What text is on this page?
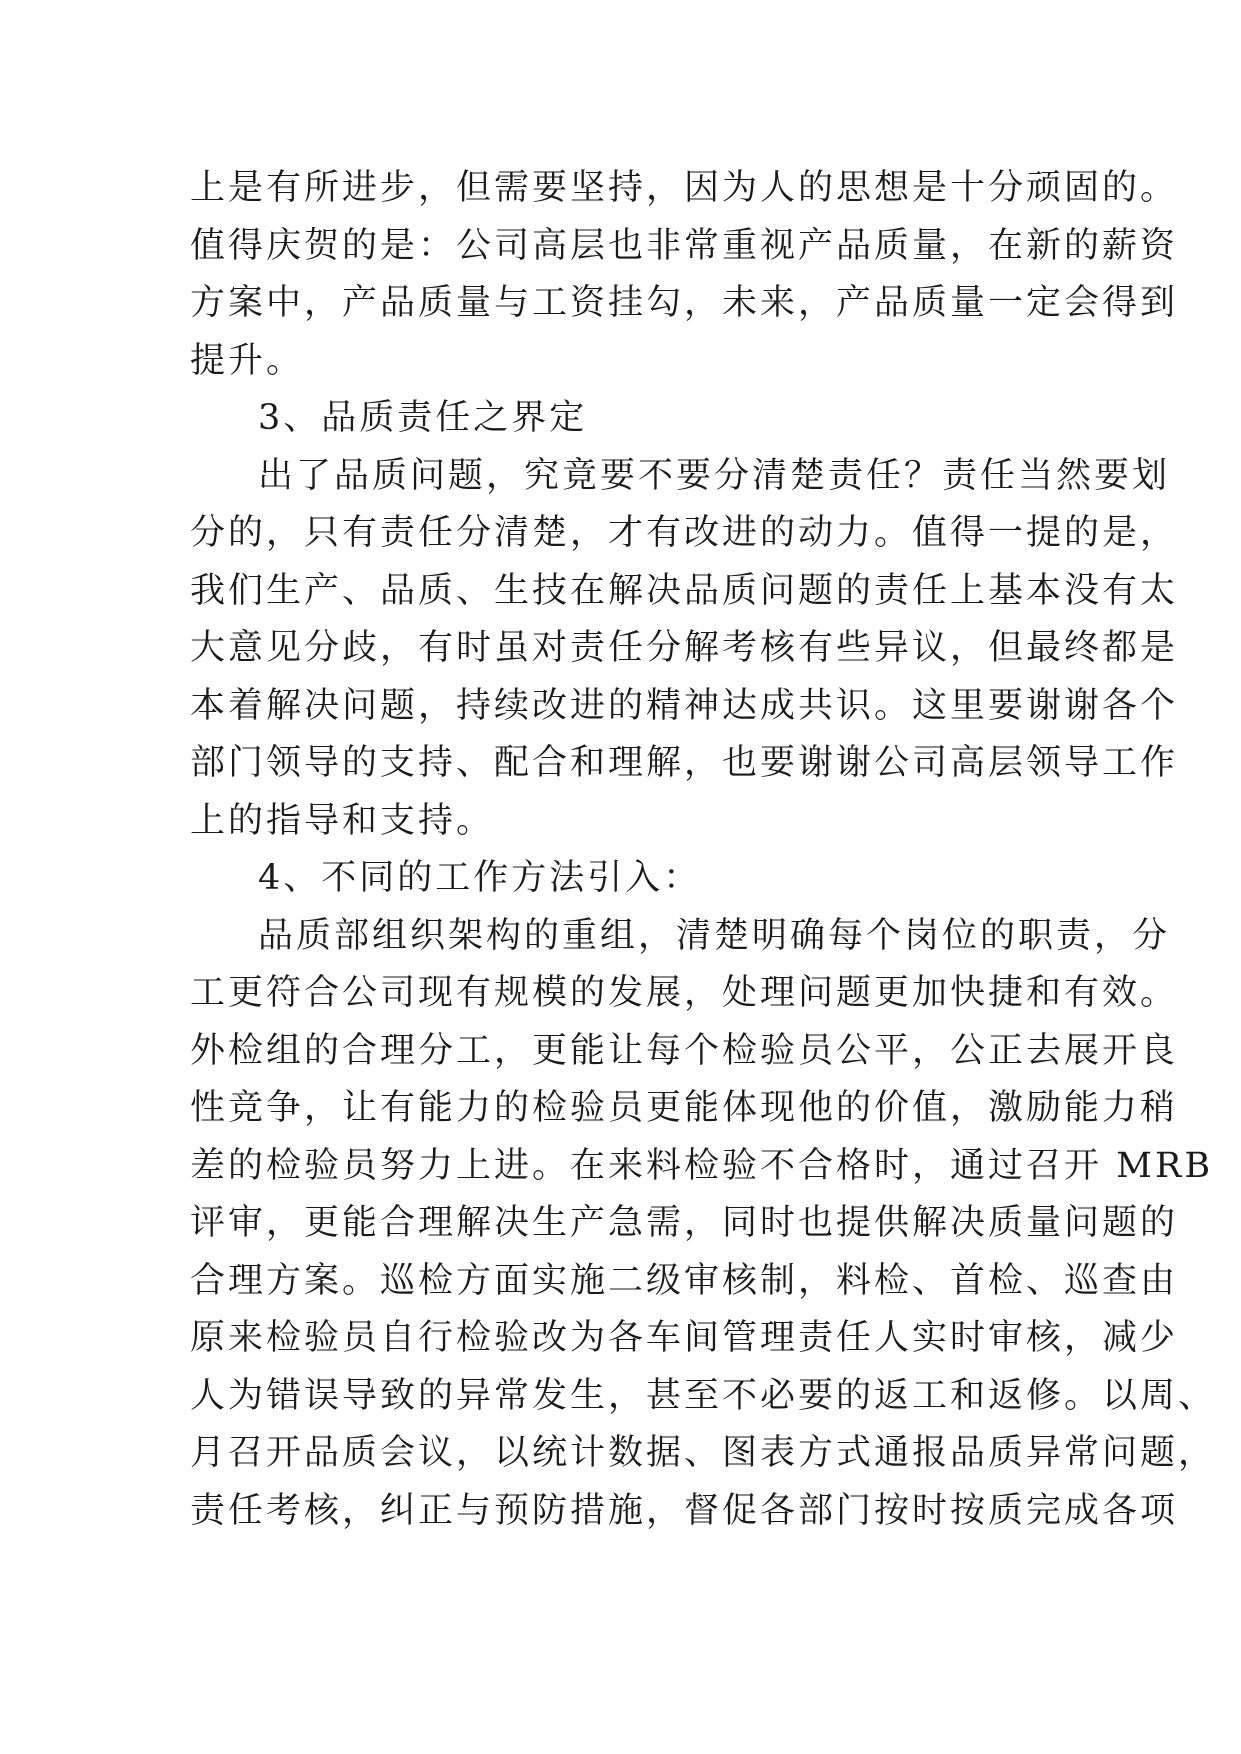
上是有所进步，但需要坚持，因为人的思想是十分顽固的。
值得庆贺的是：公司高层也非常重视产品质量，在新的薪资
方案中，产品质量与工资挂勾，未来，产品质量一定会得到
提升。
3、品质责任之界定
出了品质问题，究竟要不要分清楚责任？责任当然要划
分的，只有责任分清楚，才有改进的动力。值得一提的是，
我们生产、品质、生技在解决品质问题的责任上基本没有太
大意见分歧，有时虽对责任分解考核有些异议，但最终都是
本着解决问题，持续改进的精神达成共识。这里要谢谢各个
部门领导的支持、配合和理解，也要谢谢公司高层领导工作
上的指导和支持。
4、不同的工作方法引入：
品质部组织架构的重组，清楚明确每个岗位的职责，分
工更符合公司现有规模的发展，处理问题更加快捷和有效。
外检组的合理分工，更能让每个检验员公平，公正去展开良
性竞争，让有能力的检验员更能体现他的价值，激励能力稍
差的检验员努力上进。在来料检验不合格时，通过召开 MRB
评审，更能合理解决生产急需，同时也提供解决质量问题的
合理方案。巡检方面实施二级审核制，料检、首检、巡查由
原来检验员自行检验改为各车间管理责任人实时审核，减少
人为错误导致的异常发生，甚至不必要的返工和返修。以周、
月召开品质会议，以统计数据、图表方式通报品质异常问题，
责任考核，纠正与预防措施，督促各部门按时按质完成各项
